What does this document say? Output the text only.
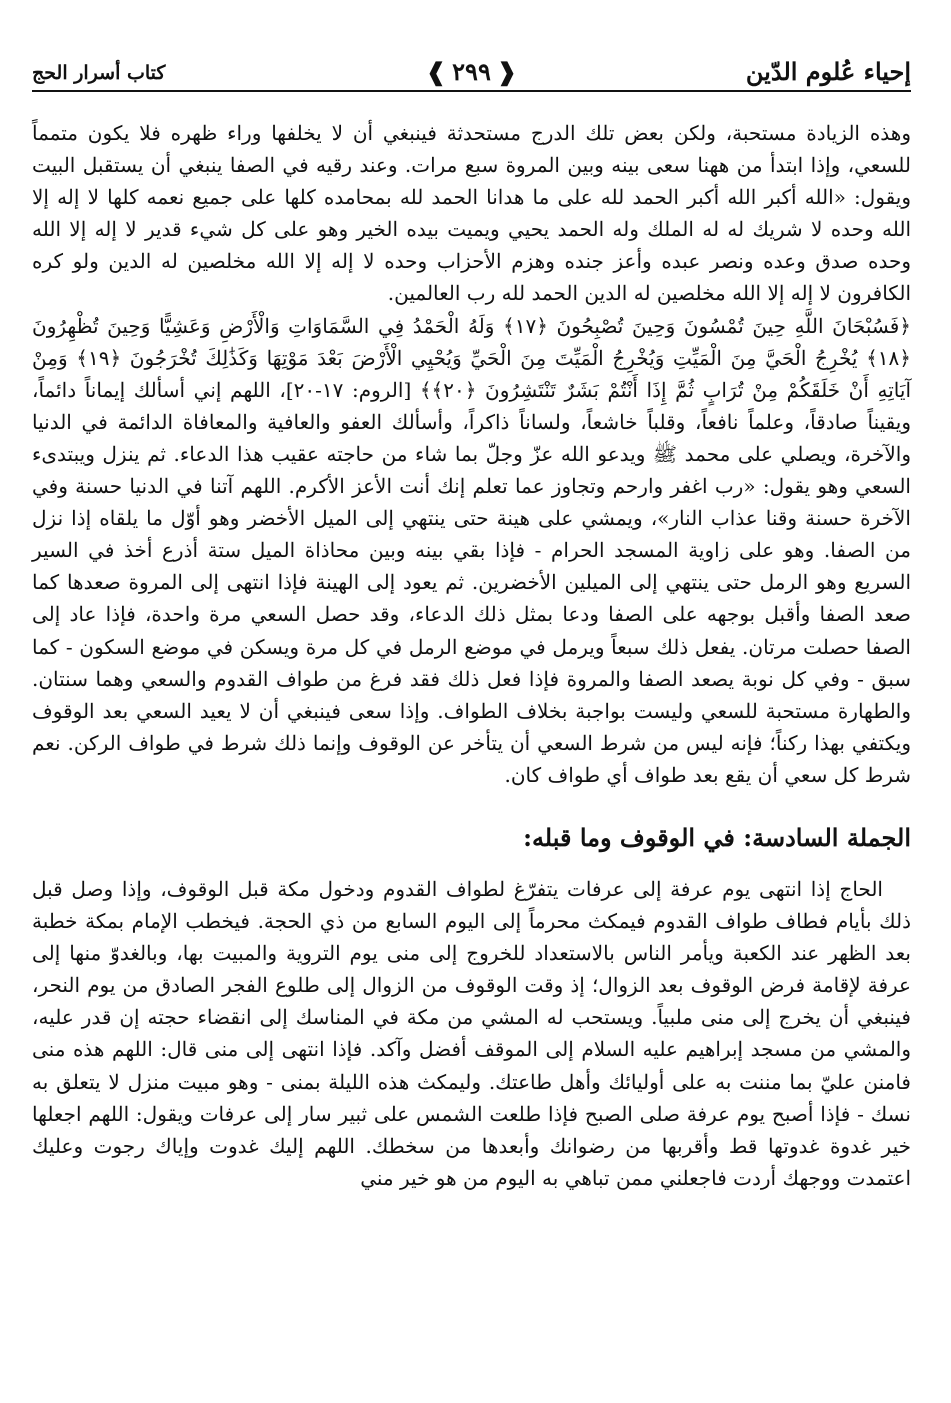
إحياء عُلوم الدّين
❰ ٢٩٩ ❱
كتاب أسرار الحج

وهذه الزيادة مستحبة، ولكن بعض تلك الدرج مستحدثة فينبغي أن لا يخلفها وراء ظهره فلا يكون متمماً للسعي، وإذا ابتدأ من ههنا سعى بينه وبين المروة سبع مرات. وعند رقيه في الصفا ينبغي أن يستقبل البيت ويقول: «الله أكبر الله أكبر الحمد لله على ما هدانا الحمد لله بمحامده كلها على جميع نعمه كلها لا إله إلا الله وحده لا شريك له له الملك وله الحمد يحيي ويميت بيده الخير وهو على كل شيء قدير لا إله إلا الله وحده صدق وعده ونصر عبده وأعز جنده وهزم الأحزاب وحده لا إله إلا الله مخلصين له الدين ولو كره الكافرون لا إله إلا الله مخلصين له الدين الحمد لله رب العالمين.

﴿فَسُبْحَانَ اللَّهِ حِينَ تُمْسُونَ وَحِينَ تُصْبِحُونَ ﴿١٧﴾ وَلَهُ الْحَمْدُ فِي السَّمَاوَاتِ وَالْأَرْضِ وَعَشِيًّا وَحِينَ تُظْهِرُونَ ﴿١٨﴾ يُخْرِجُ الْحَيَّ مِنَ الْمَيِّتِ وَيُخْرِجُ الْمَيِّتَ مِنَ الْحَيِّ وَيُحْيِي الْأَرْضَ بَعْدَ مَوْتِهَا وَكَذَٰلِكَ تُخْرَجُونَ ﴿١٩﴾ وَمِنْ آيَاتِهِ أَنْ خَلَقَكُمْ مِنْ تُرَابٍ ثُمَّ إِذَا أَنْتُمْ بَشَرٌ تَنْتَشِرُونَ ﴿٢٠﴾﴾ [الروم: ١٧-٢٠]، اللهم إني أسألك إيماناً دائماً، ويقيناً صادقاً، وعلماً نافعاً، وقلباً خاشعاً، ولساناً ذاكراً، وأسألك العفو والعافية والمعافاة الدائمة في الدنيا والآخرة، ويصلي على محمد ﷺ ويدعو الله عزّ وجلّ بما شاء من حاجته عقيب هذا الدعاء. ثم ينزل ويبتدىء السعي وهو يقول: «رب اغفر وارحم وتجاوز عما تعلم إنك أنت الأعز الأكرم. اللهم آتنا في الدنيا حسنة وفي الآخرة حسنة وقنا عذاب النار»، ويمشي على هينة حتى ينتهي إلى الميل الأخضر وهو أوّل ما يلقاه إذا نزل من الصفا. وهو على زاوية المسجد الحرام - فإذا بقي بينه وبين محاذاة الميل ستة أذرع أخذ في السير السريع وهو الرمل حتى ينتهي إلى الميلين الأخضرين. ثم يعود إلى الهينة فإذا انتهى إلى المروة صعدها كما صعد الصفا وأقبل بوجهه على الصفا ودعا بمثل ذلك الدعاء، وقد حصل السعي مرة واحدة، فإذا عاد إلى الصفا حصلت مرتان. يفعل ذلك سبعاً ويرمل في موضع الرمل في كل مرة ويسكن في موضع السكون - كما سبق - وفي كل نوبة يصعد الصفا والمروة فإذا فعل ذلك فقد فرغ من طواف القدوم والسعي وهما سنتان. والطهارة مستحبة للسعي وليست بواجبة بخلاف الطواف. وإذا سعى فينبغي أن لا يعيد السعي بعد الوقوف ويكتفي بهذا ركناً؛ فإنه ليس من شرط السعي أن يتأخر عن الوقوف وإنما ذلك شرط في طواف الركن. نعم شرط كل سعي أن يقع بعد طواف أي طواف كان.

الجملة السادسة: في الوقوف وما قبله:

الحاج إذا انتهى يوم عرفة إلى عرفات يتفرّغ لطواف القدوم ودخول مكة قبل الوقوف، وإذا وصل قبل ذلك بأيام فطاف طواف القدوم فيمكث محرماً إلى اليوم السابع من ذي الحجة. فيخطب الإمام بمكة خطبة بعد الظهر عند الكعبة ويأمر الناس بالاستعداد للخروج إلى منى يوم التروية والمبيت بها، وبالغدوّ منها إلى عرفة لإقامة فرض الوقوف بعد الزوال؛ إذ وقت الوقوف من الزوال إلى طلوع الفجر الصادق من يوم النحر، فينبغي أن يخرج إلى منى ملبياً. ويستحب له المشي من مكة في المناسك إلى انقضاء حجته إن قدر عليه، والمشي من مسجد إبراهيم عليه السلام إلى الموقف أفضل وآكد. فإذا انتهى إلى منى قال: اللهم هذه منى فامنن عليّ بما مننت به على أوليائك وأهل طاعتك. وليمكث هذه الليلة بمنى - وهو مبيت منزل لا يتعلق به نسك - فإذا أصبح يوم عرفة صلى الصبح فإذا طلعت الشمس على ثبير سار إلى عرفات ويقول: اللهم اجعلها خير غدوة غدوتها قط وأقربها من رضوانك وأبعدها من سخطك. اللهم إليك غدوت وإياك رجوت وعليك اعتمدت ووجهك أردت فاجعلني ممن تباهي به اليوم من هو خير مني
